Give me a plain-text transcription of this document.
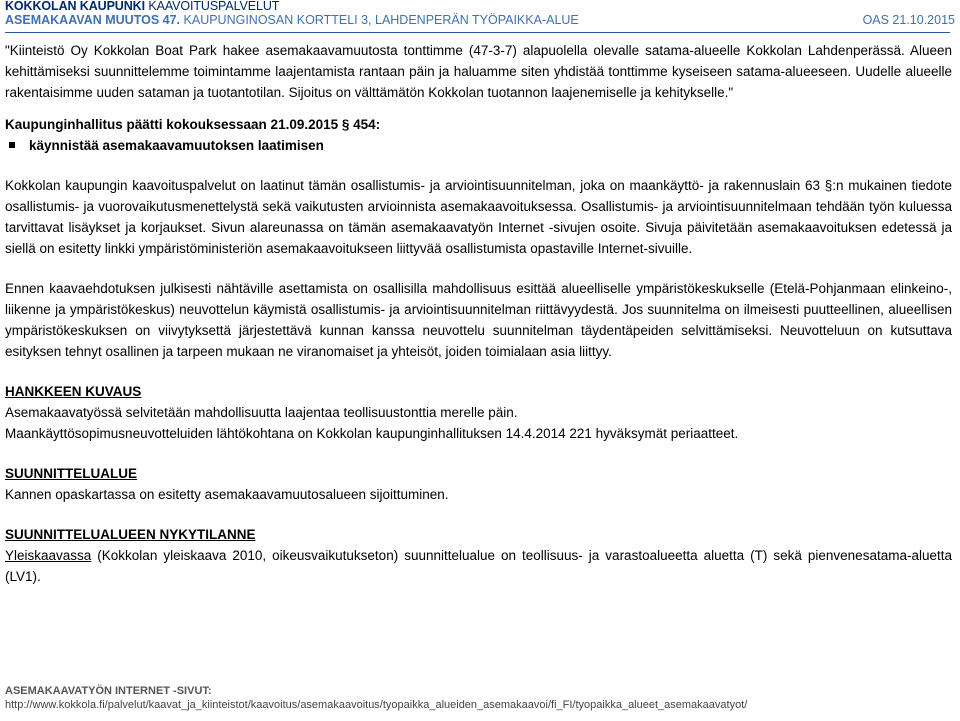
KOKKOLAN KAUPUNKI KAAVOITUSPALVELUT
ASEMAKAAVAN MUUTOS 47. KAUPUNGINOSAN KORTTELI 3, LAHDENPERÄN TYÖPAIKKA-ALUE	OAS 21.10.2015

"Kiinteistö Oy Kokkolan Boat Park hakee asemakaavamuutosta tonttimme (47-3-7) alapuolella olevalle satama-alueelle Kokkolan Lahdenperässä. Alueen kehittämiseksi suunnittelemme toimintamme laajentamista rantaan päin ja haluamme siten yhdistää tonttimme kyseiseen satama-alueeseen. Uudelle alueelle rakentaisimme uuden sataman ja tuotantotilan. Sijoitus on välttämätön Kokkolan tuotannon laajenemiselle ja kehitykselle."

Kaupunginhallitus päätti kokouksessaan 21.09.2015 § 454:
käynnistää asemakaavamuutoksen laatimisen

Kokkolan kaupungin kaavoituspalvelut on laatinut tämän osallistumis- ja arviointisuunnitelman, joka on maankäyttö- ja rakennuslain 63 §:n mukainen tiedote osallistumis- ja vuorovaikutusmenettelystä sekä vaikutusten arvioinnista asemakaavoituksessa. Osallistumis- ja arviointisuunnitelmaan tehdään työn kuluessa tarvittavat lisäykset ja korjaukset. Sivun alareunassa on tämän asemakaavatyön Internet -sivujen osoite. Sivuja päivitetään asemakaavoituksen edetessä ja siellä on esitetty linkki ympäristöministeriön asemakaavoitukseen liittyvää osallistumista opastaville Internet-sivuille.

Ennen kaavaehdotuksen julkisesti nähtäville asettamista on osallisilla mahdollisuus esittää alueelliselle ympäristökeskukselle (Etelä-Pohjanmaan elinkeino-, liikenne ja ympäristökeskus) neuvottelun käymistä osallistumis- ja arviointisuunnitelman riittävyydestä. Jos suunnitelma on ilmeisesti puutteellinen, alueellisen ympäristökeskuksen on viivytyksettä järjestettävä kunnan kanssa neuvottelu suunnitelman täydentäpeiden selvittämiseksi. Neuvotteluun on kutsuttava esityksen tehnyt osallinen ja tarpeen mukaan ne viranomaiset ja yhteisöt, joiden toimialaan asia liittyy.

HANKKEEN KUVAUS
Asemakaavatyössä selvitetään mahdollisuutta laajentaa teollisuustonttia merelle päin.
Maankäyttösopimusneuvotteluiden lähtökohtana on Kokkolan kaupunginhallituksen 14.4.2014 221 hyväksymät periaatteet.
SUUNNITTELUALUE
Kannen opaskartassa on esitetty asemakaavamuutosalueen sijoittuminen.
SUUNNITTELUALUEEN NYKYTILANNE

Yleiskaavassa (Kokkolan yleiskaava 2010, oikeusvaikutukseton) suunnittelualue on teollisuus- ja varastoalueetta aluetta (T) sekä pienvenesatama-aluetta (LV1).

ASEMAKAAVATYÖN INTERNET -SIVUT:
http://www.kokkola.fi/palvelut/kaavat_ja_kiinteistot/kaavoitus/asemakaavoitus/tyopaikka_alueiden_asemakaavoi/fi_FI/tyopaikka_alueet_asemakaavatyot/
